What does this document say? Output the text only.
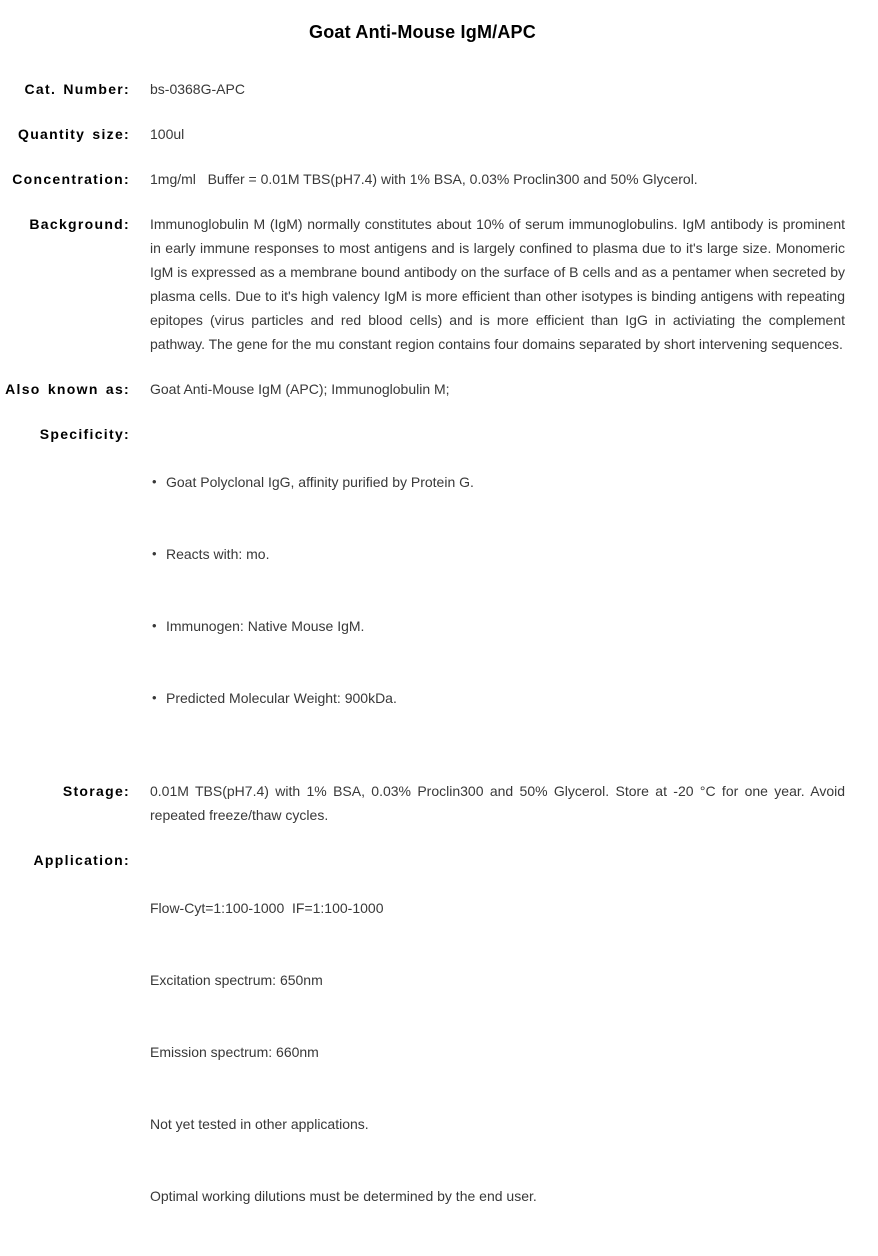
Goat Anti-Mouse IgM/APC
Cat. Number:	bs-0368G-APC
Quantity size:	100ul
Concentration:	1mg/ml   Buffer = 0.01M TBS(pH7.4) with 1% BSA, 0.03% Proclin300 and 50% Glycerol.
Background:	Immunoglobulin M (IgM) normally constitutes about 10% of serum immunoglobulins. IgM antibody is prominent in early immune responses to most antigens and is largely confined to plasma due to it's large size. Monomeric IgM is expressed as a membrane bound antibody on the surface of B cells and as a pentamer when secreted by plasma cells. Due to it's high valency IgM is more efficient than other isotypes is binding antigens with repeating epitopes (virus particles and red blood cells) and is more efficient than IgG in activiating the complement pathway. The gene for the mu constant region contains four domains separated by short intervening sequences.
Also known as:	Goat Anti-Mouse IgM (APC); Immunoglobulin M;
Specificity:

• Goat Polyclonal IgG, affinity purified by Protein G.

• Reacts with: mo.

• Immunogen: Native Mouse IgM.

• Predicted Molecular Weight: 900kDa.

Storage:	0.01M TBS(pH7.4) with 1% BSA, 0.03% Proclin300 and 50% Glycerol. Store at -20 °C for one year. Avoid repeated freeze/thaw cycles.
Application:

Flow-Cyt=1:100-1000  IF=1:100-1000

Excitation spectrum: 650nm

Emission spectrum: 660nm

Not yet tested in other applications.

Optimal working dilutions must be determined by the end user.
